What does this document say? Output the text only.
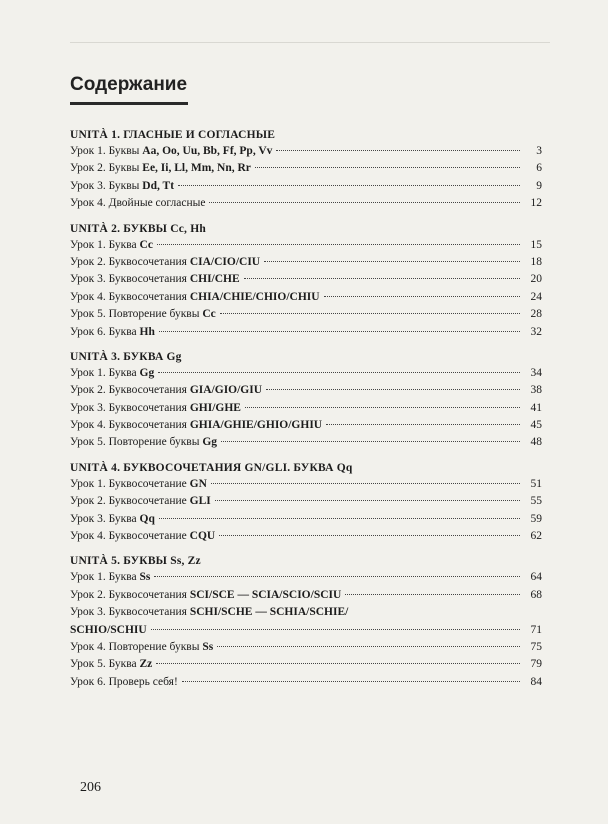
Содержание
UNITÀ 1. ГЛАСНЫЕ И СОГЛАСНЫЕ
Урок 1. Буквы Aa, Oo, Uu, Bb, Ff, Pp, Vv	3
Урок 2. Буквы Ee, Ii, Ll, Mm, Nn, Rr	6
Урок 3. Буквы Dd, Tt	9
Урок 4. Двойные согласные	12
UNITÀ 2. БУКВЫ Cc, Hh
Урок 1. Буква Cc	15
Урок 2. Буквосочетания CIA/CIO/CIU	18
Урок 3. Буквосочетания CHI/CHE	20
Урок 4. Буквосочетания CHIA/CHIE/CHIO/CHIU	24
Урок 5. Повторение буквы Cc	28
Урок 6. Буква Hh	32
UNITÀ 3. БУКВА Gg
Урок 1. Буква Gg	34
Урок 2. Буквосочетания GIA/GIO/GIU	38
Урок 3. Буквосочетания GHI/GHE	41
Урок 4. Буквосочетания GHIA/GHIE/GHIO/GHIU	45
Урок 5. Повторение буквы Gg	48
UNITÀ 4. БУКВОСОЧЕТАНИЯ GN/GLI. БУКВА Qq
Урок 1. Буквосочетание GN	51
Урок 2. Буквосочетание GLI	55
Урок 3. Буква Qq	59
Урок 4. Буквосочетание CQU	62
UNITÀ 5. БУКВЫ Ss, Zz
Урок 1. Буква Ss	64
Урок 2. Буквосочетания SCI/SCE — SCIA/SCIO/SCIU	68
Урок 3. Буквосочетания SCHI/SCHE — SCHIA/SCHIE/
SCHIO/SCHIU	71
Урок 4. Повторение буквы Ss	75
Урок 5. Буква Zz	79
Урок 6. Проверь себя!	84
206
